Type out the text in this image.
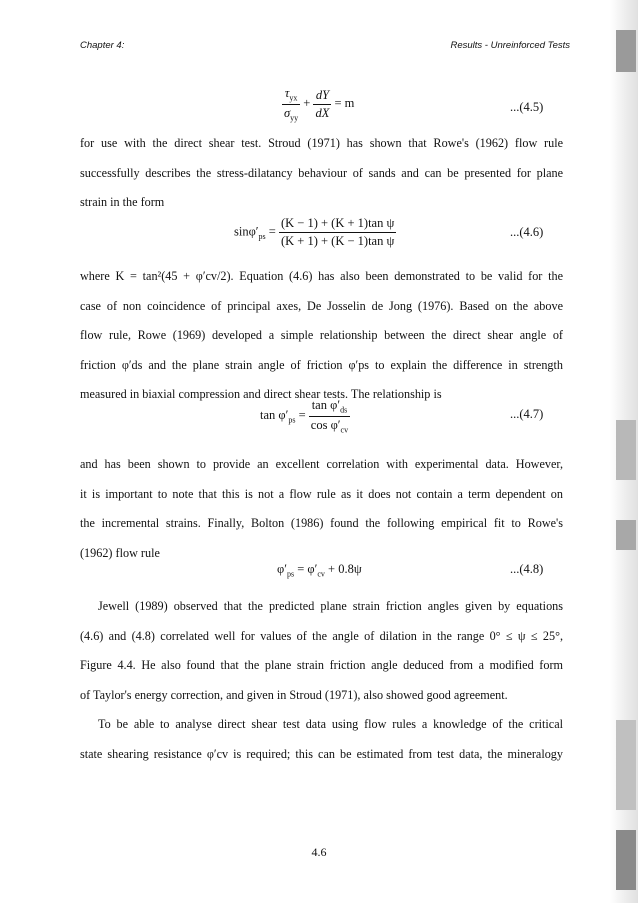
Chapter 4:	Results - Unreinforced Tests
$\frac{\tau_{yx}}{\sigma_{yy}} + \frac{dY}{dX} = m$	...(4.5)
for use with the direct shear test. Stroud (1971) has shown that Rowe's (1962) flow rule
successfully describes the stress-dilatancy behaviour of sands and can be presented for plane
strain in the form
$\sin\varphi'_{ps} = \frac{\text{(K − 1) + (K + 1)tan ψ}}{\text{(K + 1) + (K − 1)tan ψ}}$	...(4.6)
where K = tan²(45 + φ′cv/2). Equation (4.6) has also been demonstrated to be valid for the
case of non coincidence of principal axes, De Josselin de Jong (1976). Based on the above
flow rule, Rowe (1969) developed a simple relationship between the direct shear angle of
friction φ′ds and the plane strain angle of friction φ′ps to explain the difference in strength
measured in biaxial compression and direct shear tests. The relationship is
$\tan \varphi'_{ps} = \frac{\tan \varphi'_{ds}}{\cos \varphi'_{cv}}$	...(4.7)
and has been shown to provide an excellent correlation with experimental data. However,
it is important to note that this is not a flow rule as it does not contain a term dependent on
the incremental strains. Finally, Bolton (1986) found the following empirical fit to Rowe's
(1962) flow rule
$\varphi'_{ps} = \varphi'_{cv} + 0.8\psi$	...(4.8)
Jewell (1989) observed that the predicted plane strain friction angles given by equations
(4.6) and (4.8) correlated well for values of the angle of dilation in the range 0° ≤ ψ ≤ 25°,
Figure 4.4. He also found that the plane strain friction angle deduced from a modified form
of Taylor's energy correction, and given in Stroud (1971), also showed good agreement.
To be able to analyse direct shear test data using flow rules a knowledge of the critical
state shearing resistance φ′cv is required; this can be estimated from test data, the mineralogy
4.6
